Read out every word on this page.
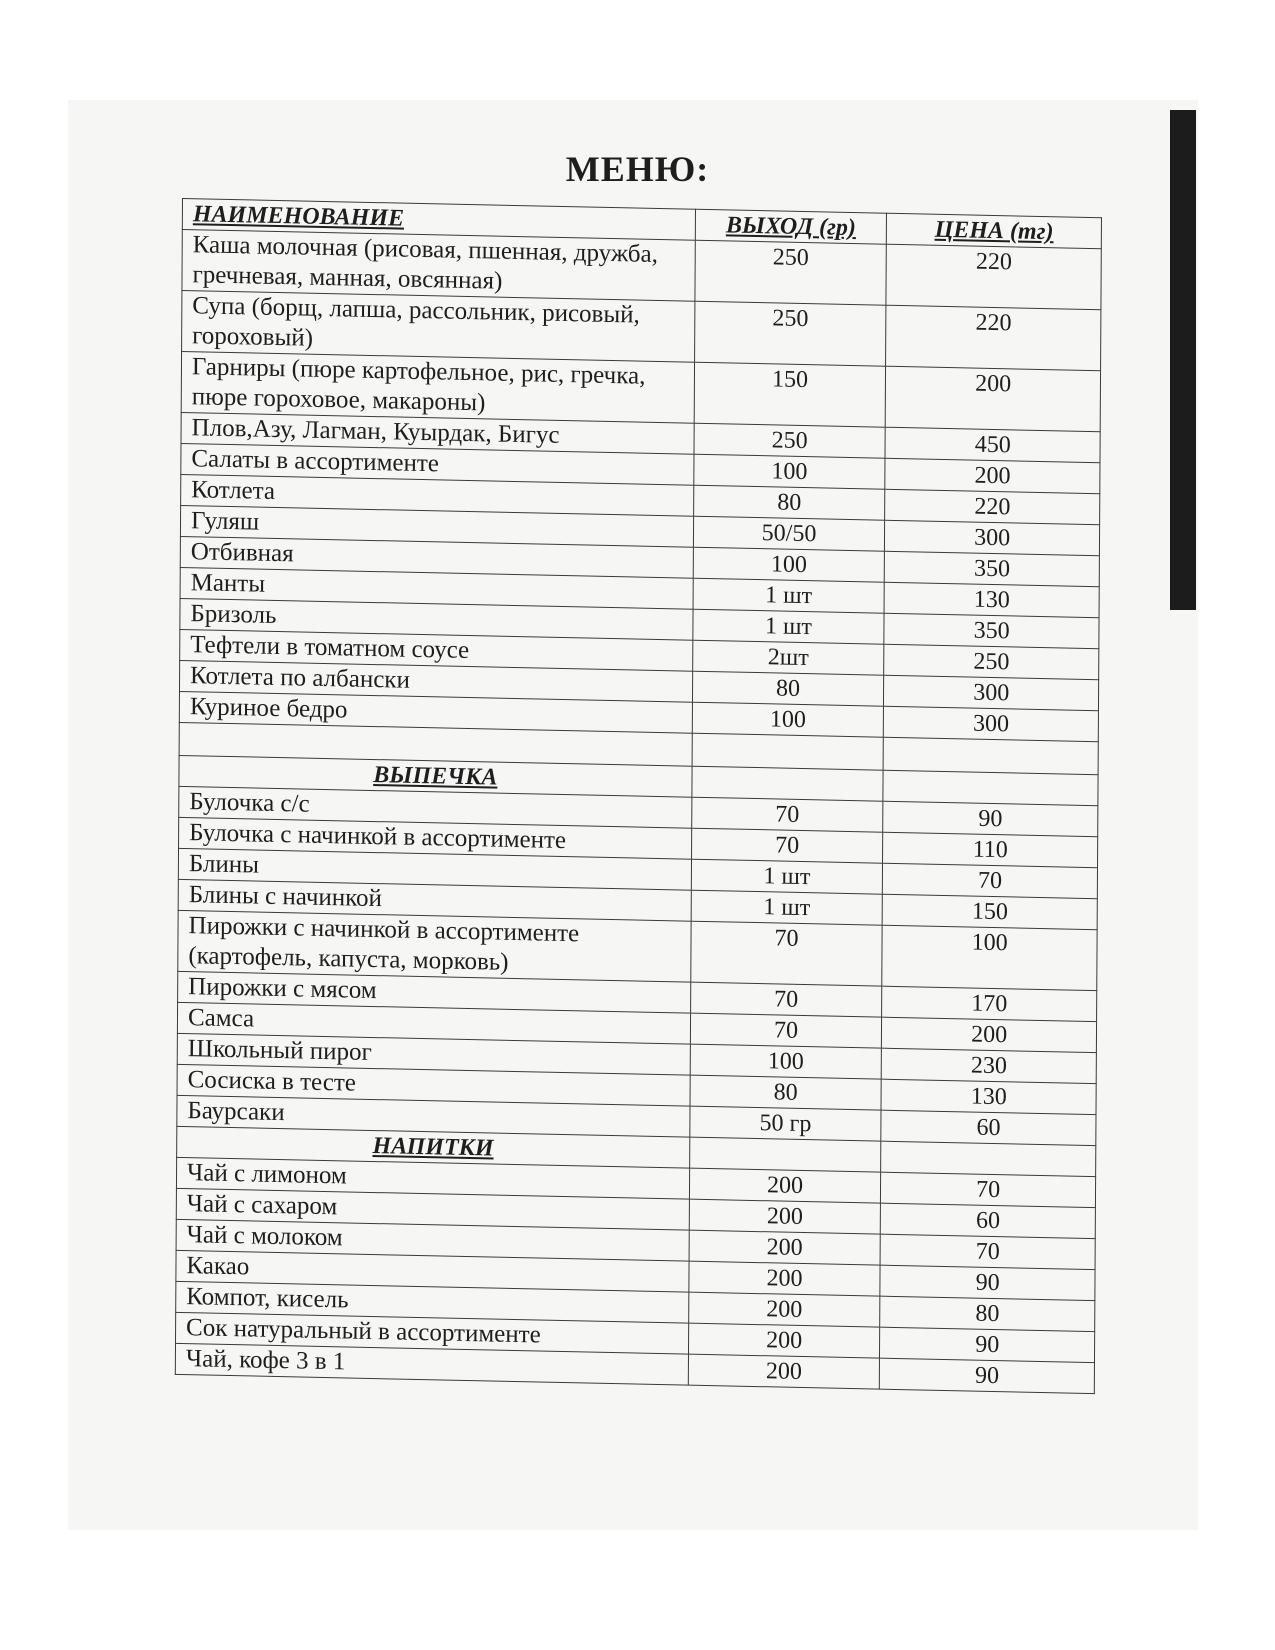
МЕНЮ:
НАИМЕНОВАНИЕ	ВЫХОД (гр)	ЦЕНА (тг)
Каша молочная (рисовая, пшенная, дружба, гречневая, манная, овсянная)	250	220
Супа (борщ, лапша, рассольник, рисовый, гороховый)	250	220
Гарниры (пюре картофельное, рис, гречка, пюре гороховое, макароны)	150	200
Плов,Азу, Лагман, Куырдак, Бигус	250	450
Салаты в ассортименте	100	200
Котлета	80	220
Гуляш	50/50	300
Отбивная	100	350
Манты	1 шт	130
Бризоль	1 шт	350
Тефтели в томатном соусе	2шт	250
Котлета по албански	80	300
Куриное бедро	100	300

ВЫПЕЧКА		

Булочка с/с	70	90
Булочка с начинкой в ассортименте	70	110
Блины	1 шт	70
Блины с начинкой	1 шт	150
Пирожки с начинкой в ассортименте (картофель, капуста, морковь)	70	100
Пирожки с мясом	70	170
Самса	70	200
Школьный пирог	100	230
Сосиска в тесте	80	130
Баурсаки	50 гр	60

НАПИТКИ		

Чай с лимоном	200	70
Чай с сахаром	200	60
Чай с молоком	200	70
Какао	200	90
Компот, кисель	200	80
Сок натуральный в ассортименте	200	90
Чай, кофе 3 в 1	200	90
